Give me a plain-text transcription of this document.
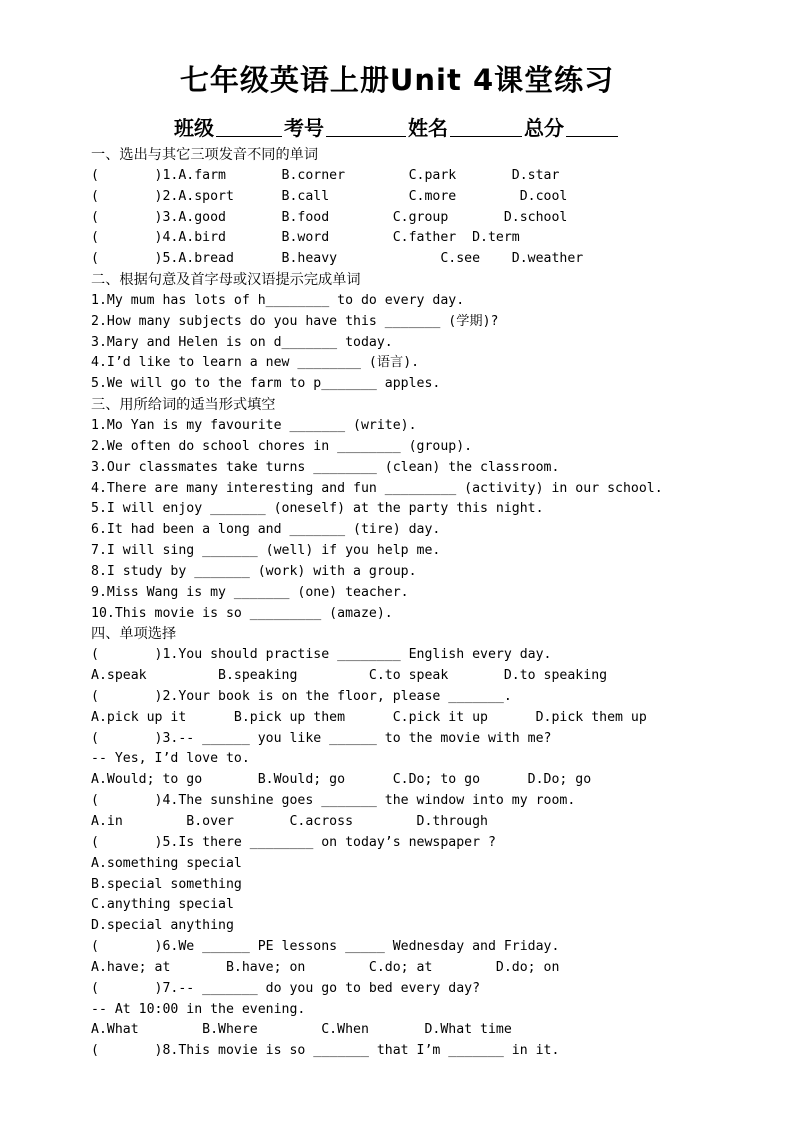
七年级英语上册Unit 4课堂练习
班级	考号	姓名	总分
一、选出与其它三项发音不同的单词
(       )1.A.farm       B.corner        C.park       D.star
(       )2.A.sport      B.call          C.more        D.cool
(       )3.A.good       B.food        C.group       D.school
(       )4.A.bird       B.word        C.father  D.term
(       )5.A.bread      B.heavy             C.see    D.weather
二、根据句意及首字母或汉语提示完成单词
1.My mum has lots of h________ to do every day.
2.How many subjects do you have this _______ (学期)?
3.Mary and Helen is on d_______ today.
4.I’d like to learn a new ________ (语言).
5.We will go to the farm to p_______ apples.
三、用所给词的适当形式填空
1.Mo Yan is my favourite _______ (write).
2.We often do school chores in ________ (group).
3.Our classmates take turns ________ (clean) the classroom.
4.There are many interesting and fun _________ (activity) in our school.
5.I will enjoy _______ (oneself) at the party this night.
6.It had been a long and _______ (tire) day.
7.I will sing _______ (well) if you help me.
8.I study by _______ (work) with a group.
9.Miss Wang is my _______ (one) teacher.
10.This movie is so _________ (amaze).
四、单项选择
(       )1.You should practise ________ English every day.
A.speak         B.speaking         C.to speak       D.to speaking
(       )2.Your book is on the floor, please _______.
A.pick up it      B.pick up them      C.pick it up      D.pick them up
(       )3.-- ______ you like ______ to the movie with me?
-- Yes, I’d love to.
A.Would; to go       B.Would; go      C.Do; to go      D.Do; go
(       )4.The sunshine goes _______ the window into my room.
A.in        B.over       C.across        D.through
(       )5.Is there ________ on today’s newspaper ?
A.something special
B.special something
C.anything special
D.special anything
(       )6.We ______ PE lessons _____ Wednesday and Friday.
A.have; at       B.have; on        C.do; at        D.do; on
(       )7.-- _______ do you go to bed every day?
-- At 10:00 in the evening.
A.What        B.Where        C.When       D.What time
(       )8.This movie is so _______ that I’m _______ in it.
